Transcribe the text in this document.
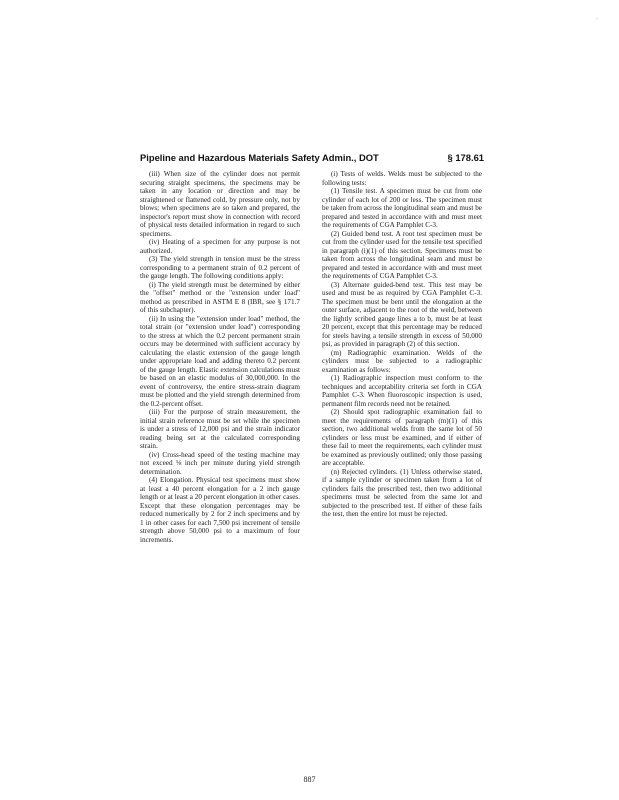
.
Pipeline and Hazardous Materials Safety Admin., DOT	§ 178.61

(iii) When size of the cylinder does not permit securing straight specimens, the specimens may be taken in any location or direction and may be straightened or flattened cold, by pressure only, not by blows; when specimens are so taken and prepared, the inspector's report must show in connection with record of physical tests detailed information in regard to such specimens.

(iv) Heating of a specimen for any purpose is not authorized.

(3) The yield strength in tension must be the stress corresponding to a permanent strain of 0.2 percent of the gauge length. The following conditions apply:

(i) The yield strength must be determined by either the "offset" method or the "extension under load" method as prescribed in ASTM E 8 (IBR, see § 171.7 of this subchapter).

(ii) In using the "extension under load" method, the total strain (or "extension under load") corresponding to the stress at which the 0.2 percent permanent strain occurs may be determined with sufficient accuracy by calculating the elastic extension of the gauge length under appropriate load and adding thereto 0.2 percent of the gauge length. Elastic extension calculations must be based on an elastic modulus of 30,000,000. In the event of controversy, the entire stress-strain diagram must be plotted and the yield strength determined from the 0.2-percent offset.

(iii) For the purpose of strain measurement, the initial strain reference must be set while the specimen is under a stress of 12,000 psi and the strain indicator reading being set at the calculated corresponding strain.

(iv) Cross-head speed of the testing machine may not exceed ⅛ inch per minute during yield strength determination.

(4) Elongation. Physical test specimens must show at least a 40 percent elongation for a 2 inch gauge length or at least a 20 percent elongation in other cases. Except that these elongation percentages may be reduced numerically by 2 for 2 inch specimens and by 1 in other cases for each 7,500 psi increment of tensile strength above 50,000 psi to a maximum of four increments.

(i) Tests of welds. Welds must be subjected to the following tests:

(1) Tensile test. A specimen must be cut from one cylinder of each lot of 200 or less. The specimen must be taken from across the longitudinal seam and must be prepared and tested in accordance with and must meet the requirements of CGA Pamphlet C-3.

(2) Guided bend test. A root test specimen must be cut from the cylinder used for the tensile test specified in paragraph (i)(1) of this section. Specimens must be taken from across the longitudinal seam and must be prepared and tested in accordance with and must meet the requirements of CGA Pamphlet C-3.

(3) Alternate guided-bend test. This test may be used and must be as required by CGA Pamphlet C-3. The specimen must be bent until the elongation at the outer surface, adjacent to the root of the weld, between the lightly scribed gauge lines a to b, must be at least 20 percent, except that this percentage may be reduced for steels having a tensile strength in excess of 50,000 psi, as provided in paragraph (2) of this section.

(m) Radiographic examination. Welds of the cylinders must be subjected to a radiographic examination as follows:

(1) Radiographic inspection must conform to the techniques and acceptability criteria set forth in CGA Pamphlet C-3. When fluoroscopic inspection is used, permanent film records need not be retained.

(2) Should spot radiographic examination fail to meet the requirements of paragraph (m)(1) of this section, two additional welds from the same lot of 50 cylinders or less must be examined, and if either of these fail to meet the requirements, each cylinder must be examined as previously outlined; only those passing are acceptable.

(n) Rejected cylinders. (1) Unless otherwise stated, if a sample cylinder or specimen taken from a lot of cylinders fails the prescribed test, then two additional specimens must be selected from the same lot and subjected to the prescribed test. If either of these fails the test, then the entire lot must be rejected.

887
